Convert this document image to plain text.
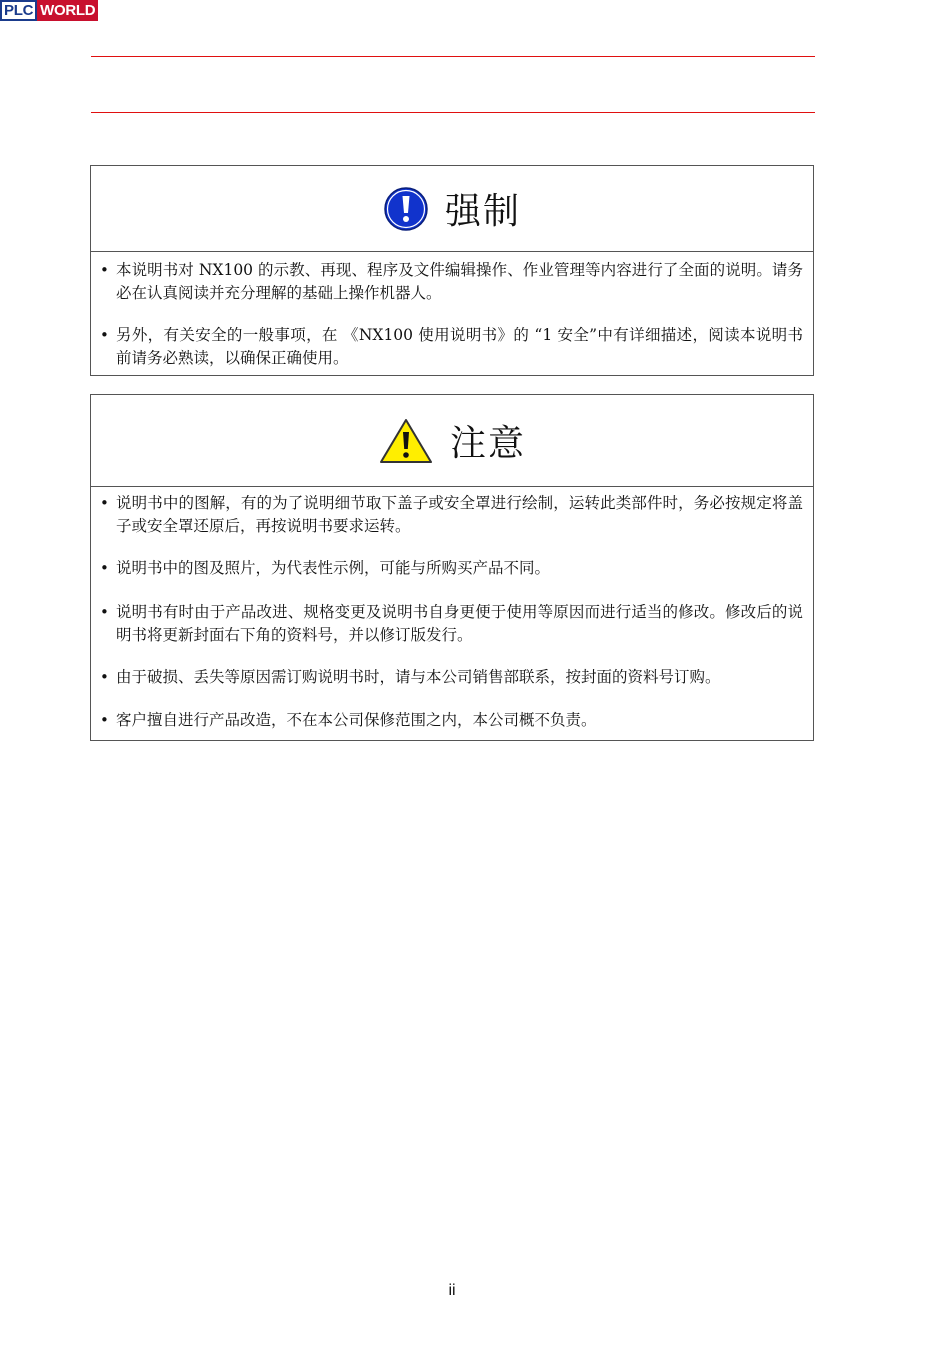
PLC WORLD
强制
• 本说明书对 NX100 的示教、再现、程序及文件编辑操作、作业管理等内容进行了全面的说明。请务必在认真阅读并充分理解的基础上操作机器人。
• 另外，有关安全的一般事项，在 《NX100 使用说明书》的 “1 安全”中有详细描述，阅读本说明书前请务必熟读，以确保正确使用。
注意
• 说明书中的图解，有的为了说明细节取下盖子或安全罩进行绘制，运转此类部件时，务必按规定将盖子或安全罩还原后，再按说明书要求运转。
• 说明书中的图及照片，为代表性示例，可能与所购买产品不同。
• 说明书有时由于产品改进、规格变更及说明书自身更便于使用等原因而进行适当的修改。修改后的说明书将更新封面右下角的资料号，并以修订版发行。
• 由于破损、丢失等原因需订购说明书时，请与本公司销售部联系，按封面的资料号订购。
• 客户擅自进行产品改造，不在本公司保修范围之内，本公司概不负责。
ii
